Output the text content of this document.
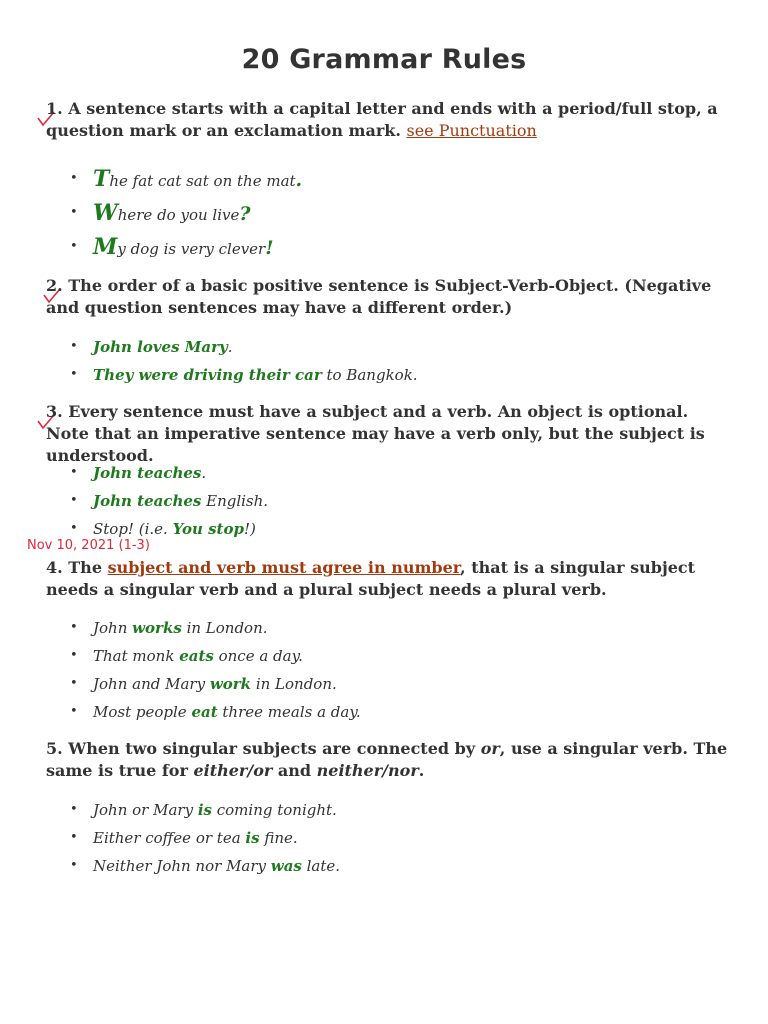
20 Grammar Rules
1. A sentence starts with a capital letter and ends with a period/full stop, a question mark or an exclamation mark. see Punctuation
• The fat cat sat on the mat.
• Where do you live?
• My dog is very clever!
2. The order of a basic positive sentence is Subject-Verb-Object. (Negative and question sentences may have a different order.)
• John loves Mary.
• They were driving their car to Bangkok.
3. Every sentence must have a subject and a verb. An object is optional. Note that an imperative sentence may have a verb only, but the subject is understood.
• John teaches.
• John teaches English.
• Stop! (i.e. You stop!)
Nov 10, 2021 (1-3)
4. The subject and verb must agree in number, that is a singular subject needs a singular verb and a plural subject needs a plural verb.
• John works in London.
• That monk eats once a day.
• John and Mary work in London.
• Most people eat three meals a day.
5. When two singular subjects are connected by or, use a singular verb. The same is true for either/or and neither/nor.
• John or Mary is coming tonight.
• Either coffee or tea is fine.
• Neither John nor Mary was late.
